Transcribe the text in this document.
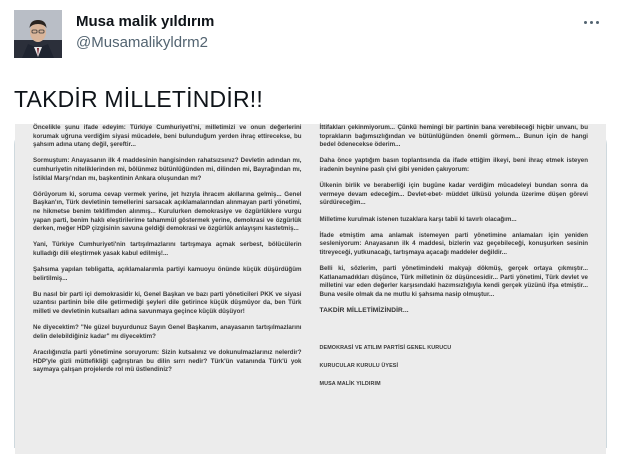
Musa malik yıldırım
@Musamalikyldrm2
TAKDİR MİLLETİNDİR!!

Öncelikle şunu ifade edeyim: Türkiye Cumhuriyeti'ni, milletimizi ve onun değerlerini korumak uğruna verdiğim siyasi mücadele, beni bulunduğum yerden ihraç ettirecekse, bu şahsım adına utanç değil, şereftir...

Sormuştum: Anayasanın ilk 4 maddesinin hangisinden rahatsızsınız? Devletin adından mı, cumhuriyetin niteliklerinden mi, bölünmez bütünlüğünden mi, dilinden mi, Bayrağından mı, İstiklal Marşı'ndan mı, başkentinin Ankara oluşundan mı?

Görüyorum ki, soruma cevap vermek yerine, jet hızıyla ihracım akıllarına gelmiş... Genel Başkan'ın, Türk devletinin temellerini sarsacak açıklamalarından alınmayan parti yönetimi, ne hikmetse benim teklifimden alınmış... Kurulurken demokrasiye ve özgürlüklere vurgu yapan parti, benim haklı eleştirilerime tahammül göstermek yerine, demokrasi ve özgürlük derken, meğer HDP çizgisinin savuna geldiği demokrasi ve özgürlük anlayışını kastetmiş...

Yani, Türkiye Cumhuriyeti'nin tartışılmazlarını tartışmaya açmak serbest, bölücülerin kulladığı dili eleştirmek yasak kabul edilmiş!...

Şahsıma yapılan tebligatta, açıklamalarımla partiyi kamuoyu önünde küçük düşürdüğüm belirtilmiş...

Bu nasıl bir parti içi demokrasidir ki, Genel Başkan ve bazı parti yöneticileri PKK ve siyasi uzantısı partinin bile dile getirmediği şeyleri dile getirince küçük düşmüyor da, ben Türk milleti ve devletinin kutsalları adına savunmaya geçince küçük düşüyor!

Ne diyecektim? "Ne güzel buyurdunuz Sayın Genel Başkanım, anayasanın tartışılmazlarını delin delebildiğiniz kadar" mı diyecektim?

Aracılığınızla parti yönetimine soruyorum: Sizin kutsalınız ve dokunulmazlarınız nelerdir? HDP'yle gizli müttefikliği çağrıştıran bu dilin sırrı nedir? Türk'ün vatanında Türk'ü yok saymaya çalışan projelerde rol mü üstlendiniz?

İttifakları çekinmiyorum... Çünkü hemingi bir partinin bana verebileceği hiçbir unvanı, bu toprakların bağımsızlığından ve bütünlüğünden önemli görmem... Bunun için de hangi bedel ödenecekse öderim...

Daha önce yaptığım basın toplantısında da ifade ettiğim ilkeyi, beni ihraç etmek isteyen iradenin beynine paslı çivi gibi yeniden çakıyorum:

Ülkenin birlik ve beraberliği için bugüne kadar verdiğim mücadeleyi bundan sonra da vermeye devam edeceğim... Devlet-ebet- müddet ülküsü yolunda üzerime düşen görevi sürdüreceğim...

Milletime kurulmak istenen tuzaklara karşı tabii ki tavırlı olacağım...

İfade etmiştim ama anlamak istemeyen parti yönetimine anlamaları için yeniden sesleniyorum: Anayasanın ilk 4 maddesi, bizlerin vaz geçebileceği, konuşurken sesinin titreyeceği, yutkunacağı, tartışmaya açacağı maddeler değildir...

Belli ki, sözlerim, parti yönetimindeki makyajı dökmüş, gerçek ortaya çıkmıştır... Katlanamadıkları düşünce, Türk milletinin öz düşüncesidir... Parti yönetimi, Türk devlet ve milletini var eden değerler karşısındaki hazımsızlığıyla kendi gerçek yüzünü ifşa etmiştir... Buna vesile olmak da ne mutlu ki şahsıma nasip olmuştur...

TAKDİR MİLLETİMİZİNDİR...

DEMOKRASİ VE ATILIM PARTİSİ GENEL KURUCU

KURUCULAR KURULU ÜYESİ

MUSA MALİK YILDIRIM
